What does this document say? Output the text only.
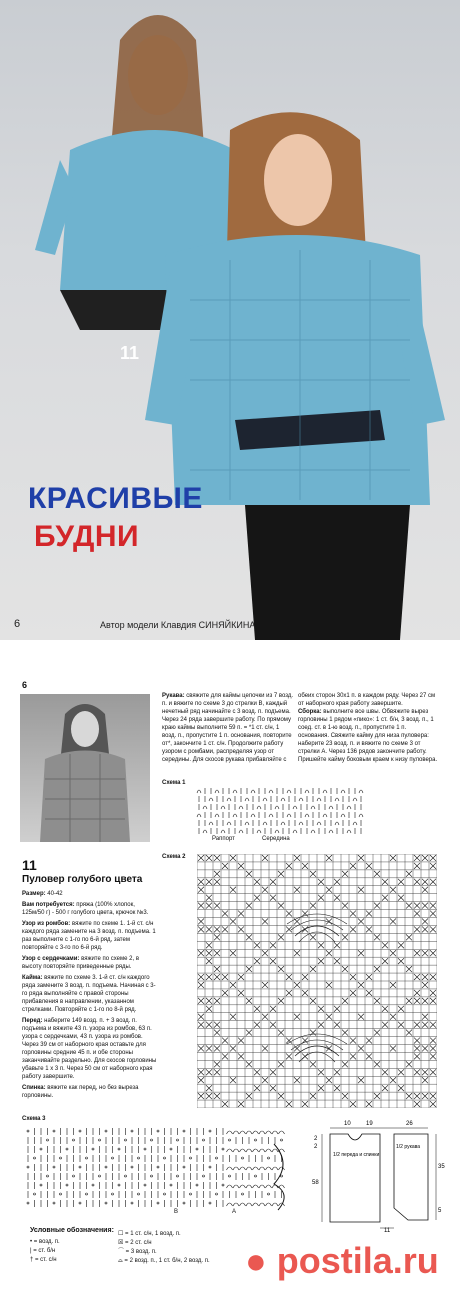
11
КРАСИВЫЕ
БУДНИ
6	Автор модели Клавдия СИНЯЙКИНА
6
11
Пуловер голубого цвета

Размер: 40-42

Вам потребуется: пряжа (100% хлопок, 125м/50 г) - 500 г голубого цвета, крючок №3.

Узор из ромбов: вяжите по схеме 1. 1-й ст. с/н каждого ряда замените на 3 возд. п. подъема. 1 раз выполните с 1-го по 6-й ряд, затем повторяйте с 3-го по 6-й ряд.

Узор с сердечками: вяжите по схеме 2, в высоту повторяйте приведенные ряды.

Кайма: вяжите по схеме 3. 1-й ст. с/н каждого ряда замените 3 возд. п. подъема. Начиная с 3-го ряда выполняйте с правой стороны прибавления в направлении, указанном стрелками. Повторяйте с 1-го по 8-й ряд.

Перед: наберите 149 возд. п. + 3 возд. п. подъема и вяжите 43 п. узора из ромбов, 63 п. узора с сердечками, 43 п. узора из ромбов. Через 39 см от наборного края оставьте для горловины средние 45 п. и обе стороны заканчивайте раздельно. Для скосов горловины убавьте 1 х 3 п. Через 50 см от наборного края работу завершите.

Спинка: вяжите как перед, но без выреза горловины.

Рукава: свяжите для каймы цепочки из 7 возд. п. и вяжите по схеме 3 до стрелки В, каждый нечетный ряд начинайте с 3 возд. п. подъема. Через 24 ряда завершите работу. По прямому краю каймы выполните 59 п. = *1 ст. с/н, 1 возд. п., пропустите 1 п. основания, повторите от*, закончите 1 ст. с/н. Продолжите работу узором с ромбами, распределяя узор от середины. Для скосов рукава прибавляйте с

обеих сторон 30х1 п. в каждом ряду. Через 27 см от наборного края работу завершите.

Сборка: выполните все швы. Обвяжите вырез горловины 1 рядом «пико»: 1 ст. б/н, 3 возд. п., 1 соед. ст. в 1-ю возд. п., пропустите 1 п. основания. Свяжите кайму для низа пуловера: наберите 23 возд. п. и вяжите по схеме 3 от стрелки А. Через 136 рядов закончите работу. Пришейте кайму боковым краем к низу пуловера.

Схема 1
Раппорт	Середина
Схема 2
Схема 3
В	А
10	19	26
2
2
58
35
5
11
1/2 переда и спинки
1/2 рукава
Условные обозначения:
• = возд. п.
| = ст. б/н
† = ст. с/н
☐ = 1 ст. с/н, 1 возд. п.
☒ = 2 ст. с/н
⌒ = 3 возд. п.
⌓ = 2 возд. п., 1 ст. б/н, 2 возд. п. ● postila.ru
